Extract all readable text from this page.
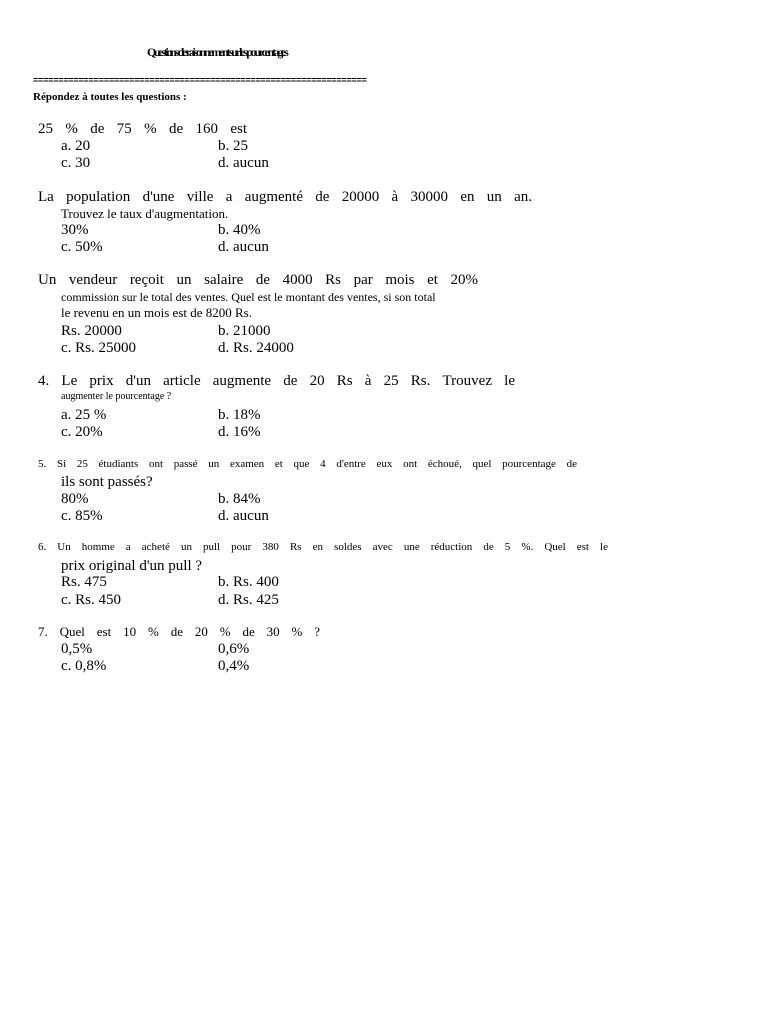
Questions de raisonnement sur les pourcentages
==================================================================
Répondez à toutes les questions :
25 % de 75 % de 160 est
a. 20	b. 25
c. 30	d. aucun
La population d'une ville a augmenté de 20000 à 30000 en un an.
Trouvez le taux d'augmentation.
30%	b. 40%
c. 50%	d. aucun
Un vendeur reçoit un salaire de 4000 Rs par mois et 20%
commission sur le total des ventes. Quel est le montant des ventes, si son total
le revenu en un mois est de 8200 Rs.
Rs. 20000	b. 21000
c. Rs. 25000	d. Rs. 24000
4. Le prix d'un article augmente de 20 Rs à 25 Rs. Trouvez le
augmenter le pourcentage ?
a. 25 %	b. 18%
c. 20%	d. 16%
5. Si 25 étudiants ont passé un examen et que 4 d'entre eux ont échoué, quel pourcentage de
ils sont passés?
80%	b. 84%
c. 85%	d. aucun
6. Un homme a acheté un pull pour 380 Rs en soldes avec une réduction de 5 %. Quel est le
prix original d'un pull ?
Rs. 475	b. Rs. 400
c. Rs. 450	d. Rs. 425
7. Quel est 10 % de 20 % de 30 % ?
0,5%	0,6%
c. 0,8%	0,4%
